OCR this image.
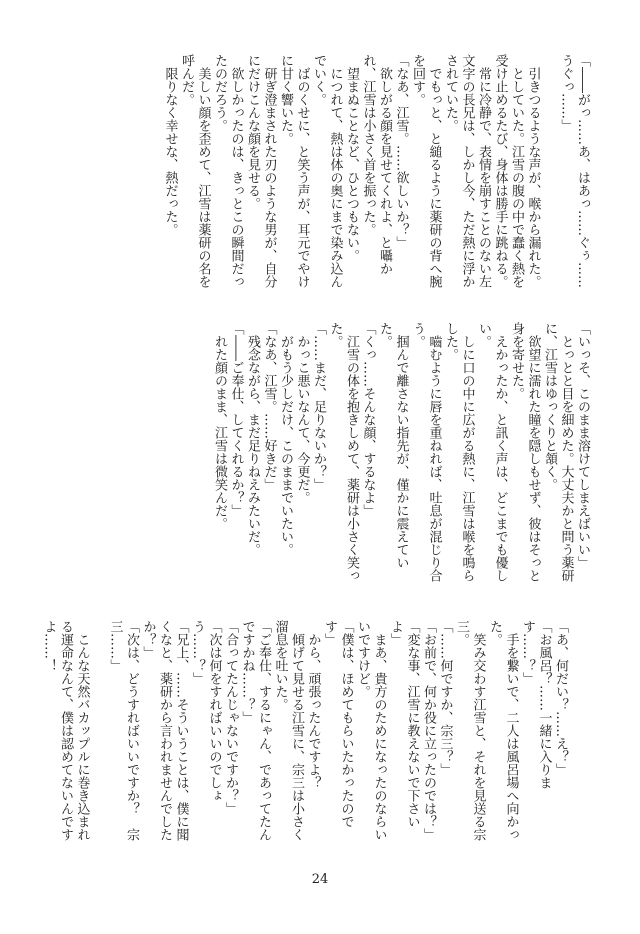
「――がっ……あ、はあっ……ぐぅ……うぐっ……」

　引きつるような声が、喉から漏れた。
　としていた。江雪の腹の中で蠢く熱を受け止めるたび、身体は勝手に跳ねる。
　常に冷静で、表情を崩すことのない左文字の長兄は、しかし今、ただ熱に浮かされていた。
　でもっと、と縋るように薬研の背へ腕を回す。
「なあ、江雪。……欲しいか？」
　欲しがる顔を見せてくれよ、と囁かれ、江雪は小さく首を振った。
　望まぬことなど、ひとつもない。
　につれて、熱は体の奥にまで染み込んでいく。
　ばのくせに、と笑う声が、耳元でやけに甘く響いた。
　研ぎ澄まされた刃のような男が、自分にだけこんな顔を見せる。
　欲しかったのは、きっとこの瞬間だったのだろう。
　美しい顔を歪めて、江雪は薬研の名を呼んだ。
　限りなく幸せな、熱だった。
「いっそ、このまま溶けてしまえばいい」
　とっとと目を細めた。大丈夫かと問う薬研に、江雪はゆっくりと頷く。
　欲望に濡れた瞳を隠しもせず、彼はそっと身を寄せた。
　えかったか、と訊く声は、どこまでも優しい。
　しに口の中に広がる熱に、江雪は喉を鳴らした。
　嚙むように唇を重ねれば、吐息が混じり合う。
　掴んで離さない指先が、僅かに震えていた。
「くっ……そんな顔、するなよ」
　江雪の体を抱きしめて、薬研は小さく笑った。
「……まだ、足りないか？」
　かっこ悪いなんて、今更だ。
　がもう少しだけ、このままでいたい。
「なあ、江雪。……好きだ」
　残念ながら、まだ足りねえみたいだ。
「――ご奉仕、してくれるか？」
　れた顔のまま、江雪は微笑んだ。
「あ、何だい？……え？」
「お風呂？……一緒に入ります……？」
　手を繋いで、二人は風呂場へ向かった。
　笑み交わす江雪と、それを見送る宗三。
「……何ですか、宗三？」
「お前で、何か役に立ったのでは？」
「変な事、江雪に教えないで下さいよ」
　まあ、貴方のためになったのならいいですけど。
「僕は、ほめてもらいたかったのです」
　から、頑張ったんですよ？
　傾げて見せる江雪に、宗三は小さく溜息を吐いた。
「ご奉仕、するにゃん、であってたんですかね……？」
「合ってたんじゃないですか？」
「次は何をすればいいのでしょう……？」
「兄上、……そういうことは、僕に聞くなと、薬研から言われませんでしたか？」
「次は、どうすればいいですか？　宗三……」

　こんな天然バカップルに巻き込まれる運命なんて、僕は認めてないんですよ……！
24
